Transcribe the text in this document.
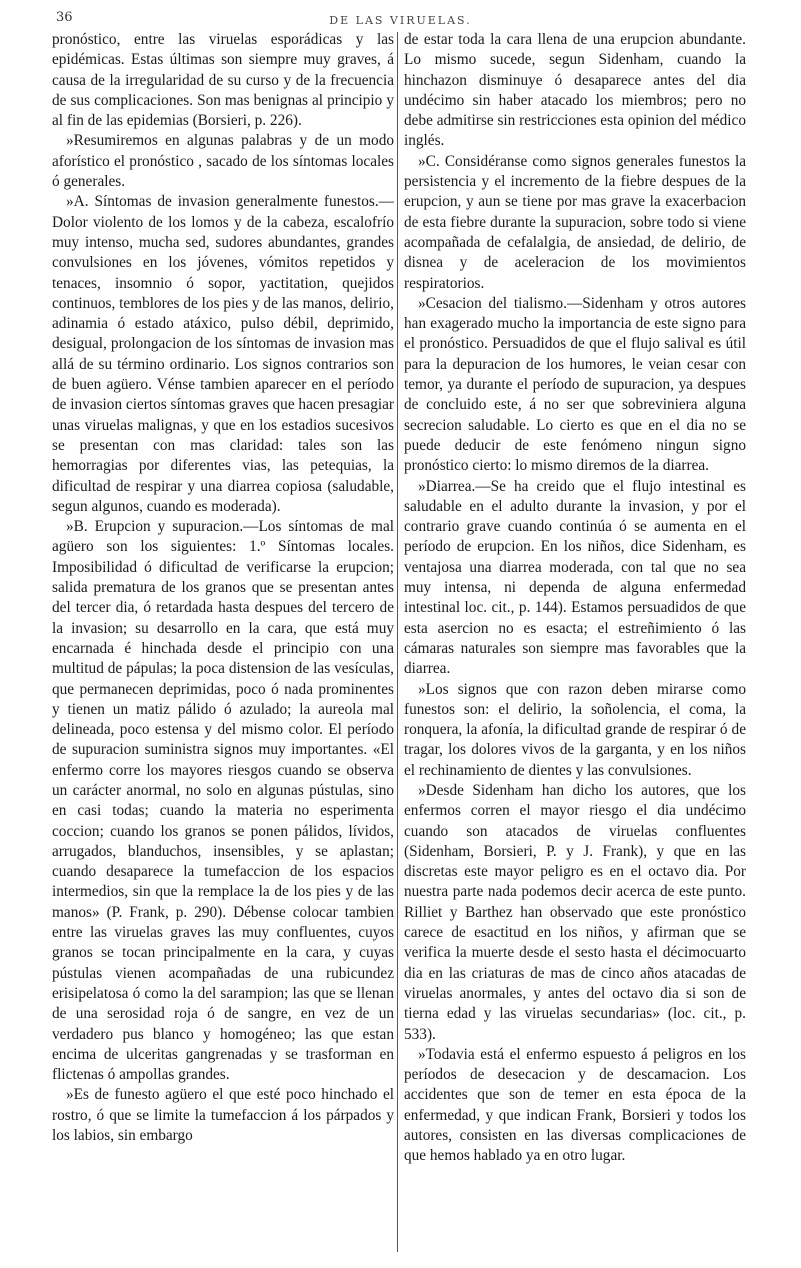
36	DE LAS VIRUELAS.

pronóstico, entre las viruelas esporádicas y las epidémicas. Estas últimas son siempre muy graves, á causa de la irregularidad de su curso y de la frecuencia de sus complicaciones. Son mas benignas al principio y al fin de las epidemias (Borsieri, p. 226).

»Resumiremos en algunas palabras y de un modo aforístico el pronóstico , sacado de los síntomas locales ó generales.

»A. Síntomas de invasion generalmente funestos.—Dolor violento de los lomos y de la cabeza, escalofrío muy intenso, mucha sed, sudores abundantes, grandes convulsiones en los jóvenes, vómitos repetidos y tenaces, insomnio ó sopor, yactitation, quejidos continuos, temblores de los pies y de las manos, delirio, adinamia ó estado atáxico, pulso débil, deprimido, desigual, prolongacion de los síntomas de invasion mas allá de su término ordinario. Los signos contrarios son de buen agüero. Vénse tambien aparecer en el período de invasion ciertos síntomas graves que hacen presagiar unas viruelas malignas, y que en los estadios sucesivos se presentan con mas claridad: tales son las hemorragias por diferentes vias, las petequias, la dificultad de respirar y una diarrea copiosa (saludable, segun algunos, cuando es moderada).

»B. Erupcion y supuracion.—Los síntomas de mal agüero son los siguientes: 1.º Síntomas locales. Imposibilidad ó dificultad de verificarse la erupcion; salida prematura de los granos que se presentan antes del tercer dia, ó retardada hasta despues del tercero de la invasion; su desarrollo en la cara, que está muy encarnada é hinchada desde el principio con una multitud de pápulas; la poca distension de las vesículas, que permanecen deprimidas, poco ó nada prominentes y tienen un matiz pálido ó azulado; la aureola mal delineada, poco estensa y del mismo color. El período de supuracion suministra signos muy importantes. «El enfermo corre los mayores riesgos cuando se observa un carácter anormal, no solo en algunas pústulas, sino en casi todas; cuando la materia no esperimenta coccion; cuando los granos se ponen pálidos, lívidos, arrugados, blanduchos, insensibles, y se aplastan; cuando desaparece la tumefaccion de los espacios intermedios, sin que la remplace la de los pies y de las manos» (P. Frank, p. 290). Débense colocar tambien entre las viruelas graves las muy confluentes, cuyos granos se tocan principalmente en la cara, y cuyas pústulas vienen acompañadas de una rubicundez erisipelatosa ó como la del sarampion; las que se llenan de una serosidad roja ó de sangre, en vez de un verdadero pus blanco y homogéneo; las que estan encima de ulceritas gangrenadas y se trasforman en flictenas ó ampollas grandes.

»Es de funesto agüero el que esté poco hinchado el rostro, ó que se limite la tumefaccion á los párpados y los labios, sin embargo

de estar toda la cara llena de una erupcion abundante. Lo mismo sucede, segun Sidenham, cuando la hinchazon disminuye ó desaparece antes del dia undécimo sin haber atacado los miembros; pero no debe admitirse sin restricciones esta opinion del médico inglés.

»C. Considéranse como signos generales funestos la persistencia y el incremento de la fiebre despues de la erupcion, y aun se tiene por mas grave la exacerbacion de esta fiebre durante la supuracion, sobre todo si viene acompañada de cefalalgia, de ansiedad, de delirio, de disnea y de aceleracion de los movimientos respiratorios.

»Cesacion del tialismo.—Sidenham y otros autores han exagerado mucho la importancia de este signo para el pronóstico. Persuadidos de que el flujo salival es útil para la depuracion de los humores, le veian cesar con temor, ya durante el período de supuracion, ya despues de concluido este, á no ser que sobreviniera alguna secrecion saludable. Lo cierto es que en el dia no se puede deducir de este fenómeno ningun signo pronóstico cierto: lo mismo diremos de la diarrea.

»Diarrea.—Se ha creido que el flujo intestinal es saludable en el adulto durante la invasion, y por el contrario grave cuando continúa ó se aumenta en el período de erupcion. En los niños, dice Sidenham, es ventajosa una diarrea moderada, con tal que no sea muy intensa, ni dependa de alguna enfermedad intestinal loc. cit., p. 144). Estamos persuadidos de que esta asercion no es esacta; el estreñimiento ó las cámaras naturales son siempre mas favorables que la diarrea.

»Los signos que con razon deben mirarse como funestos son: el delirio, la soñolencia, el coma, la ronquera, la afonía, la dificultad grande de respirar ó de tragar, los dolores vivos de la garganta, y en los niños el rechinamiento de dientes y las convulsiones.

»Desde Sidenham han dicho los autores, que los enfermos corren el mayor riesgo el dia undécimo cuando son atacados de viruelas confluentes (Sidenham, Borsieri, P. y J. Frank), y que en las discretas este mayor peligro es en el octavo dia. Por nuestra parte nada podemos decir acerca de este punto. Rilliet y Barthez han observado que este pronóstico carece de esactitud en los niños, y afirman que se verifica la muerte desde el sesto hasta el décimocuarto dia en las criaturas de mas de cinco años atacadas de viruelas anormales, y antes del octavo dia si son de tierna edad y las viruelas secundarias» (loc. cit., p. 533).

»Todavia está el enfermo espuesto á peligros en los períodos de desecacion y de descamacion. Los accidentes que son de temer en esta época de la enfermedad, y que indican Frank, Borsieri y todos los autores, consisten en las diversas complicaciones de que hemos hablado ya en otro lugar.
